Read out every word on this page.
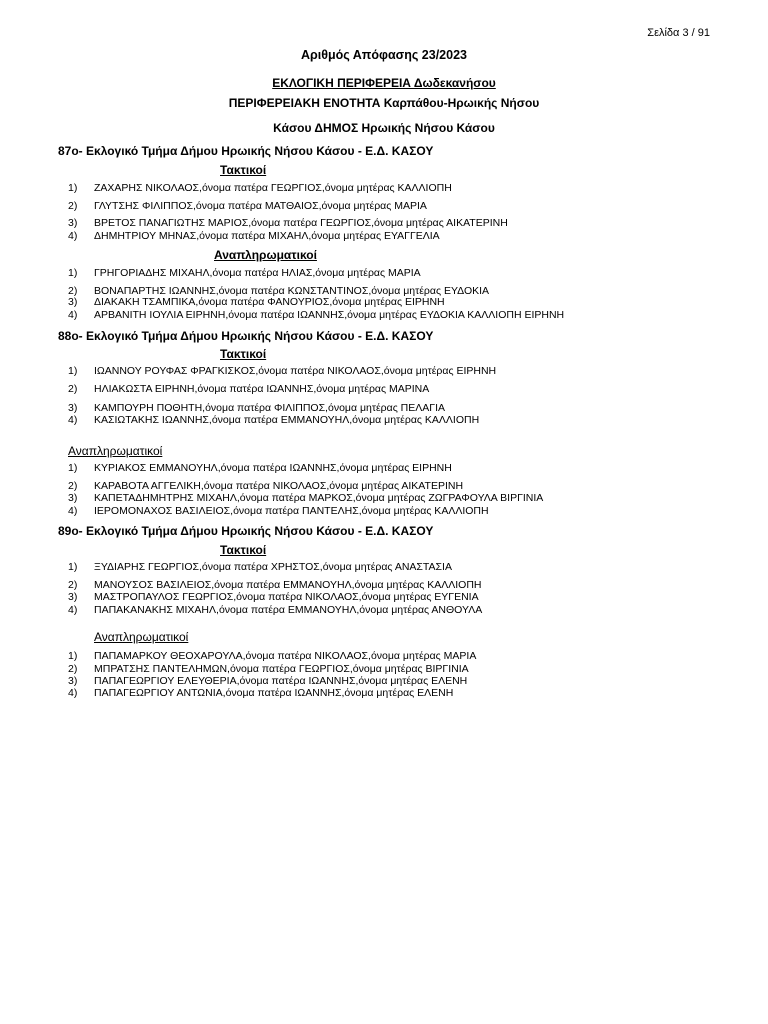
Σελίδα 3 / 91
Αριθμός Απόφασης 23/2023
ΕΚΛΟΓΙΚΗ ΠΕΡΙΦΕΡΕΙΑ Δωδεκανήσου
ΠΕΡΙΦΕΡΕΙΑΚΗ ΕΝΟΤΗΤΑ Καρπάθου-Ηρωικής Νήσου
Κάσου ΔΗΜΟΣ Ηρωικής Νήσου Κάσου
87ο- Εκλογικό Τμήμα Δήμου Ηρωικής Νήσου Κάσου - Ε.Δ. ΚΑΣΟΥ
Τακτικοί
1) ΖΑΧΑΡΗΣ ΝΙΚΟΛΑΟΣ,όνομα πατέρα ΓΕΩΡΓΙΟΣ,όνομα μητέρας ΚΑΛΛΙΟΠΗ
2) ΓΛΥΤΣΗΣ ΦΙΛΙΠΠΟΣ,όνομα πατέρα ΜΑΤΘΑΙΟΣ,όνομα μητέρας ΜΑΡΙΑ
3) ΒΡΕΤΟΣ ΠΑΝΑΓΙΩΤΗΣ ΜΑΡΙΟΣ,όνομα πατέρα ΓΕΩΡΓΙΟΣ,όνομα μητέρας ΑΙΚΑΤΕΡΙΝΗ
4) ΔΗΜΗΤΡΙΟΥ ΜΗΝΑΣ,όνομα πατέρα ΜΙΧΑΗΛ,όνομα μητέρας ΕΥΑΓΓΕΛΙΑ
Αναπληρωματικοί
1) ΓΡΗΓΟΡΙΑΔΗΣ ΜΙΧΑΗΛ,όνομα πατέρα ΗΛΙΑΣ,όνομα μητέρας ΜΑΡΙΑ
2) ΒΟΝΑΠΑΡΤΗΣ ΙΩΑΝΝΗΣ,όνομα πατέρα ΚΩΝΣΤΑΝΤΙΝΟΣ,όνομα μητέρας ΕΥΔΟΚΙΑ
3) ΔΙΑΚΑΚΗ ΤΣΑΜΠΙΚΑ,όνομα πατέρα ΦΑΝΟΥΡΙΟΣ,όνομα μητέρας ΕΙΡΗΝΗ
4) ΑΡΒΑΝΙΤΗ ΙΟΥΛΙΑ ΕΙΡΗΝΗ,όνομα πατέρα ΙΩΑΝΝΗΣ,όνομα μητέρας ΕΥΔΟΚΙΑ ΚΑΛΛΙΟΠΗ ΕΙΡΗΝΗ
88ο- Εκλογικό Τμήμα Δήμου Ηρωικής Νήσου Κάσου - Ε.Δ. ΚΑΣΟΥ
Τακτικοί
1) ΙΩΑΝΝΟΥ ΡΟΥΦΑΣ ΦΡΑΓΚΙΣΚΟΣ,όνομα πατέρα ΝΙΚΟΛΑΟΣ,όνομα μητέρας ΕΙΡΗΝΗ
2) ΗΛΙΑΚΩΣΤΑ ΕΙΡΗΝΗ,όνομα πατέρα ΙΩΑΝΝΗΣ,όνομα μητέρας ΜΑΡΙΝΑ
3) ΚΑΜΠΟΥΡΗ ΠΟΘΗΤΗ,όνομα πατέρα ΦΙΛΙΠΠΟΣ,όνομα μητέρας ΠΕΛΑΓΙΑ
4) ΚΑΣΙΩΤΑΚΗΣ ΙΩΑΝΝΗΣ,όνομα πατέρα ΕΜΜΑΝΟΥΗΛ,όνομα μητέρας ΚΑΛΛΙΟΠΗ
Αναπληρωματικοί
1) ΚΥΡΙΑΚΟΣ ΕΜΜΑΝΟΥΗΛ,όνομα πατέρα ΙΩΑΝΝΗΣ,όνομα μητέρας ΕΙΡΗΝΗ
2) ΚΑΡΑΒΟΤΑ ΑΓΓΕΛΙΚΗ,όνομα πατέρα ΝΙΚΟΛΑΟΣ,όνομα μητέρας ΑΙΚΑΤΕΡΙΝΗ
3) ΚΑΠΕΤΑΔΗΜΗΤΡΗΣ ΜΙΧΑΗΛ,όνομα πατέρα ΜΑΡΚΟΣ,όνομα μητέρας ΖΩΓΡΑΦΟΥΛΑ ΒΙΡΓΙΝΙΑ
4) ΙΕΡΟΜΟΝΑΧΟΣ ΒΑΣΙΛΕΙΟΣ,όνομα πατέρα ΠΑΝΤΕΛΗΣ,όνομα μητέρας ΚΑΛΛΙΟΠΗ
89ο- Εκλογικό Τμήμα Δήμου Ηρωικής Νήσου Κάσου - Ε.Δ. ΚΑΣΟΥ
Τακτικοί
1) ΞΥΔΙΑΡΗΣ ΓΕΩΡΓΙΟΣ,όνομα πατέρα ΧΡΗΣΤΟΣ,όνομα μητέρας ΑΝΑΣΤΑΣΙΑ
2) ΜΑΝΟΥΣΟΣ ΒΑΣΙΛΕΙΟΣ,όνομα πατέρα ΕΜΜΑΝΟΥΗΛ,όνομα μητέρας ΚΑΛΛΙΟΠΗ
3) ΜΑΣΤΡΟΠΑΥΛΟΣ ΓΕΩΡΓΙΟΣ,όνομα πατέρα ΝΙΚΟΛΑΟΣ,όνομα μητέρας ΕΥΓΕΝΙΑ
4) ΠΑΠΑΚΑΝΑΚΗΣ ΜΙΧΑΗΛ,όνομα πατέρα ΕΜΜΑΝΟΥΗΛ,όνομα μητέρας ΑΝΘΟΥΛΑ
Αναπληρωματικοί
1) ΠΑΠΑΜΑΡΚΟΥ ΘΕΟΧΑΡΟΥΛΑ,όνομα πατέρα ΝΙΚΟΛΑΟΣ,όνομα μητέρας ΜΑΡΙΑ
2) ΜΠΡΑΤΣΗΣ ΠΑΝΤΕΛΗΜΩΝ,όνομα πατέρα ΓΕΩΡΓΙΟΣ,όνομα μητέρας ΒΙΡΓΙΝΙΑ
3) ΠΑΠΑΓΕΩΡΓΙΟΥ ΕΛΕΥΘΕΡΙΑ,όνομα πατέρα ΙΩΑΝΝΗΣ,όνομα μητέρας ΕΛΕΝΗ
4) ΠΑΠΑΓΕΩΡΓΙΟΥ ΑΝΤΩΝΙΑ,όνομα πατέρα ΙΩΑΝΝΗΣ,όνομα μητέρας ΕΛΕΝΗ
